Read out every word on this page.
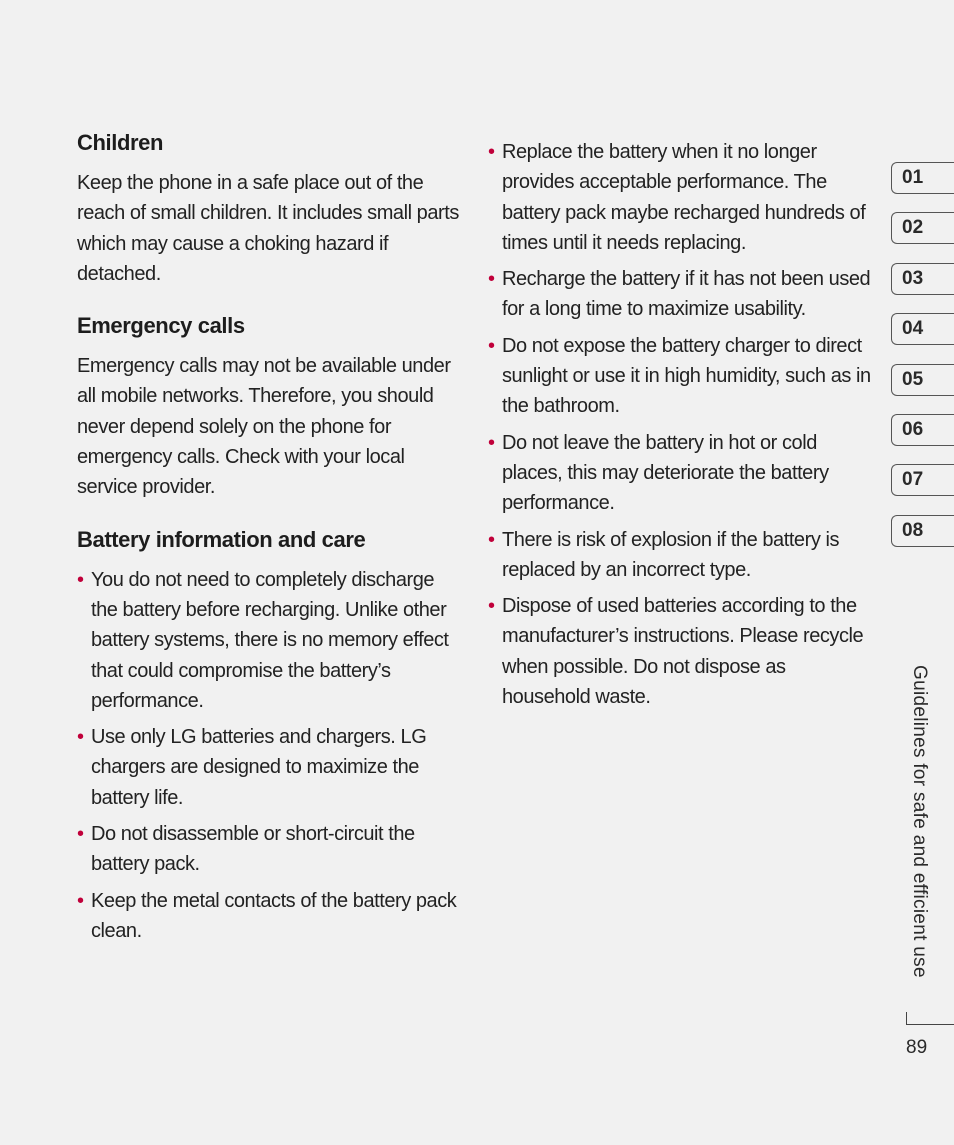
Children

Keep the phone in a safe place out of the reach of small children. It includes small parts which may cause a choking hazard if detached.

Emergency calls

Emergency calls may not be available under all mobile networks. Therefore, you should never depend solely on the phone for emergency calls. Check with your local service provider.

Battery information and care
• You do not need to completely discharge the battery before recharging. Unlike other battery systems, there is no memory effect that could compromise the battery’s performance.
• Use only LG batteries and chargers. LG chargers are designed to maximize the battery life.
• Do not disassemble or short-circuit the battery pack.
• Keep the metal contacts of the battery pack clean.
• Replace the battery when it no longer provides acceptable performance. The battery pack maybe recharged hundreds of times until it needs replacing.
• Recharge the battery if it has not been used for a long time to maximize usability.
• Do not expose the battery charger to direct sunlight or use it in high humidity, such as in the bathroom.
• Do not leave the battery in hot or cold places, this may deteriorate the battery performance.
• There is risk of explosion if the battery is replaced by an incorrect type.
• Dispose of used batteries according to the manufacturer’s instructions. Please recycle when possible. Do not dispose as household waste.
01
02
03
04
05
06
07
08
Guidelines for safe and efficient use
89
